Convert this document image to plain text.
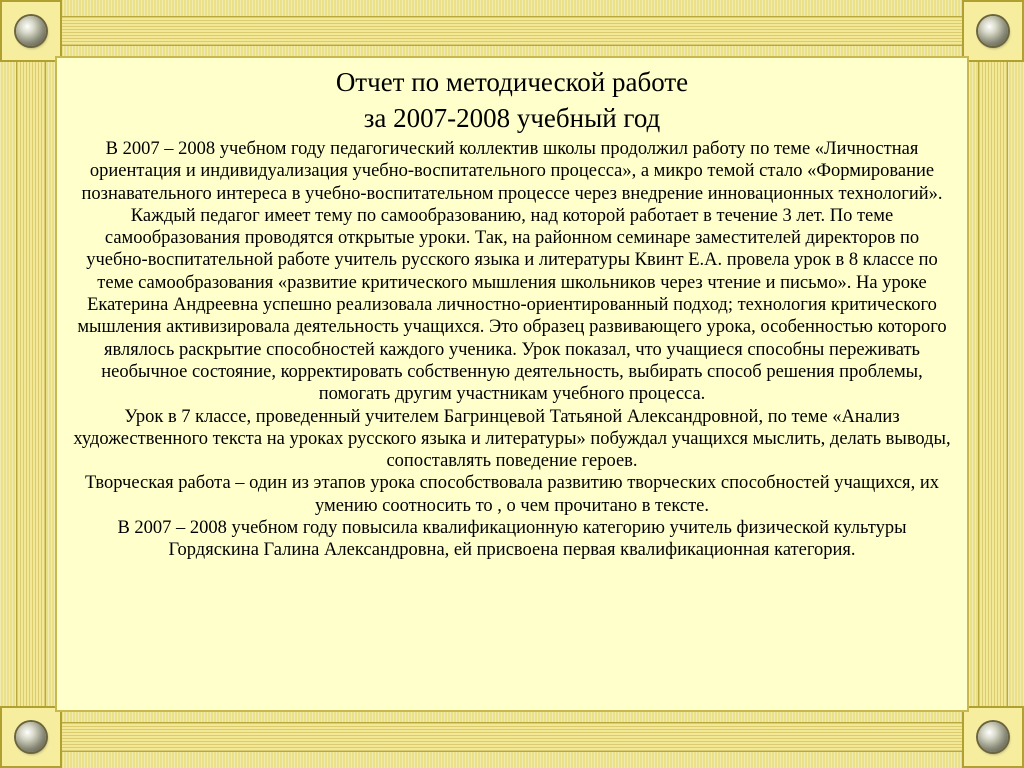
Отчет по методической работе
за 2007-2008 учебный год

В 2007 – 2008 учебном году педагогический коллектив школы продолжил работу по теме «Личностная ориентация и индивидуализация учебно-воспитательного процесса», а микро темой стало «Формирование познавательного интереса в учебно-воспитательном процессе через внедрение инновационных технологий».

Каждый педагог имеет тему по самообразованию, над которой работает в течение 3 лет. По теме самообразования проводятся открытые уроки. Так, на районном семинаре заместителей директоров по учебно-воспитательной работе учитель русского языка и литературы Квинт Е.А. провела урок в 8 классе по теме самообразования «развитие критического мышления школьников через чтение и письмо». На уроке Екатерина Андреевна успешно реализовала личностно-ориентированный подход; технология критического мышления активизировала деятельность учащихся. Это образец развивающего урока, особенностью которого являлось раскрытие способностей каждого ученика. Урок показал, что учащиеся способны переживать необычное состояние, корректировать собственную деятельность, выбирать способ решения проблемы, помогать другим участникам учебного процесса.

Урок в 7 классе, проведенный учителем Багринцевой Татьяной Александровной, по теме «Анализ художественного текста на уроках русского языка и литературы» побуждал учащихся мыслить, делать выводы, сопоставлять поведение героев.

Творческая работа – один из этапов урока способствовала развитию творческих способностей учащихся, их умению соотносить то , о чем прочитано в тексте.

В 2007 – 2008 учебном году повысила квалификационную категорию учитель физической культуры Гордяскина Галина Александровна, ей присвоена первая квалификационная категория.
